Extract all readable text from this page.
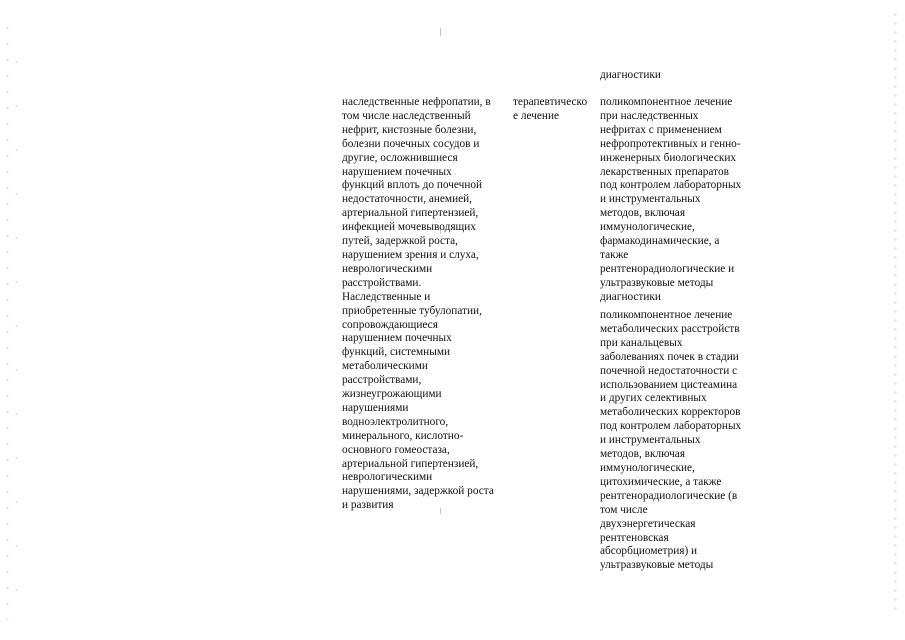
диагностики

наследственные нефропатии, в
том числе наследственный
нефрит, кистозные болезни,
болезни почечных сосудов и
другие, осложнившиеся
нарушением почечных
функций вплоть до почечной
недостаточности, анемией,
артериальной гипертензией,
инфекцией мочевыводящих
путей, задержкой роста,
нарушением зрения и слуха,
неврологическими
расстройствами.
Наследственные и
приобретенные тубулопатии,
сопровождающиеся
нарушением почечных
функций, системными
метаболическими
расстройствами,
жизнеугрожающими
нарушениями
водноэлектролитного,
минерального, кислотно-
основного гомеостаза,
артериальной гипертензией,
неврологическими
нарушениями, задержкой роста
и развития

терапевтическо
е лечение

поликомпонентное лечение
при наследственных
нефритах с применением
нефропротективных и генно-
инженерных биологических
лекарственных препаратов
под контролем лабораторных
и инструментальных
методов, включая
иммунологические,
фармакодинамические, а
также
рентгенорадиологические и
ультразвуковые методы
диагностики

поликомпонентное лечение
метаболических расстройств
при канальцевых
заболеваниях почек в стадии
почечной недостаточности с
использованием цистеамина
и других селективных
метаболических корректоров
под контролем лабораторных
и инструментальных
методов, включая
иммунологические,
цитохимические, а также
рентгенорадиологические (в
том числе
двухэнергетическая
рентгеновская
абсорбциометрия) и
ультразвуковые методы
